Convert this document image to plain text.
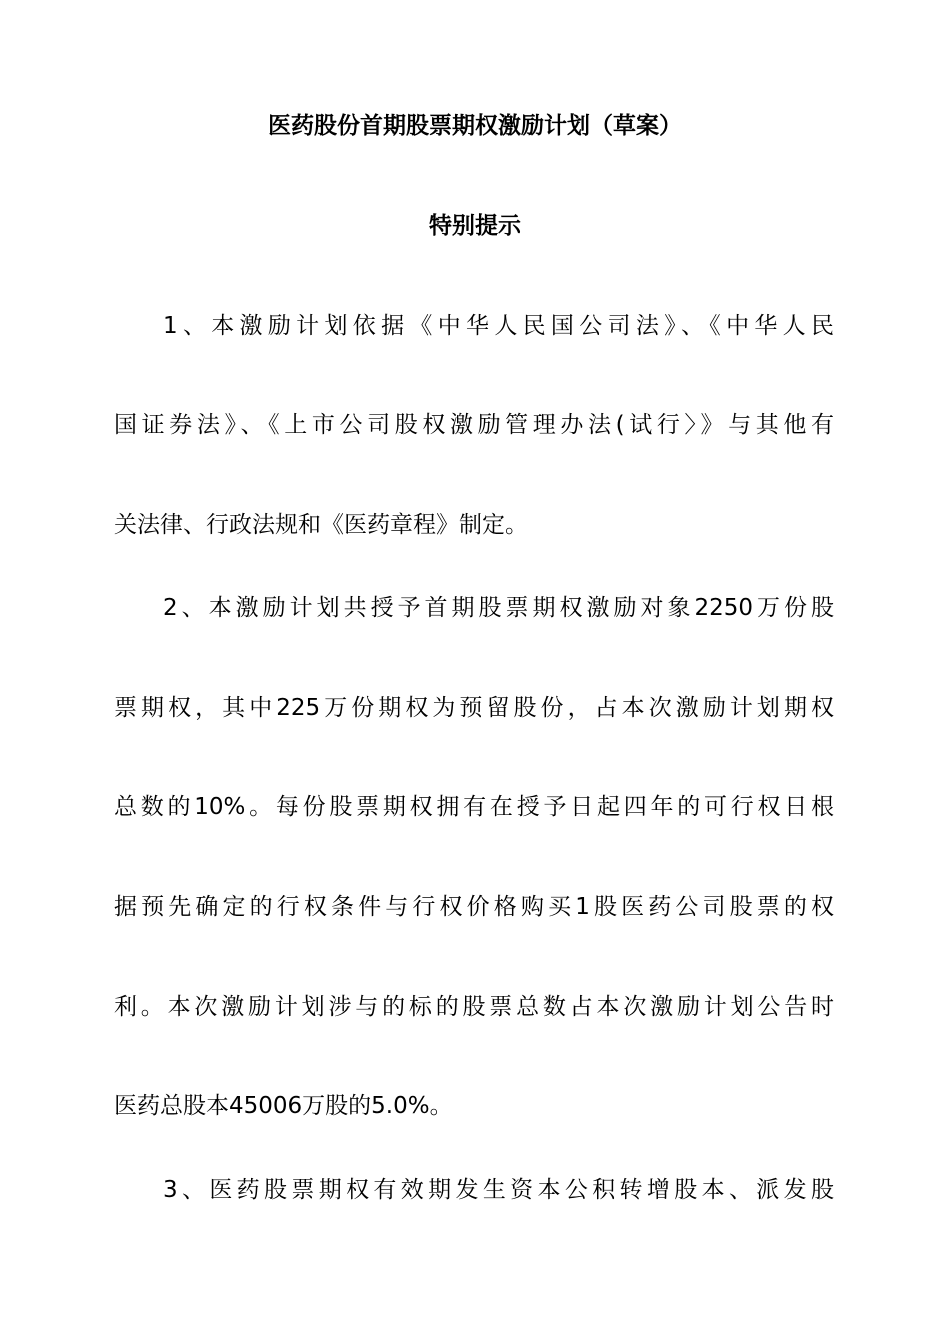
医药股份首期股票期权激励计划（草案）
特别提示

1、本激励计划依据《中华人民国公司法》、《中华人民

国证券法》、《上市公司股权激励管理办法(试行〉》与其他有

关法律、行政法规和《医药章程》制定。

2、本激励计划共授予首期股票期权激励对象2250万份股

票期权，其中225万份期权为预留股份，占本次激励计划期权

总数的10%。每份股票期权拥有在授予日起四年的可行权日根

据预先确定的行权条件与行权价格购买1股医药公司股票的权

利。本次激励计划涉与的标的股票总数占本次激励计划公告时

医药总股本45006万股的5.0%。

3、医药股票期权有效期发生资本公积转增股本、派发股
